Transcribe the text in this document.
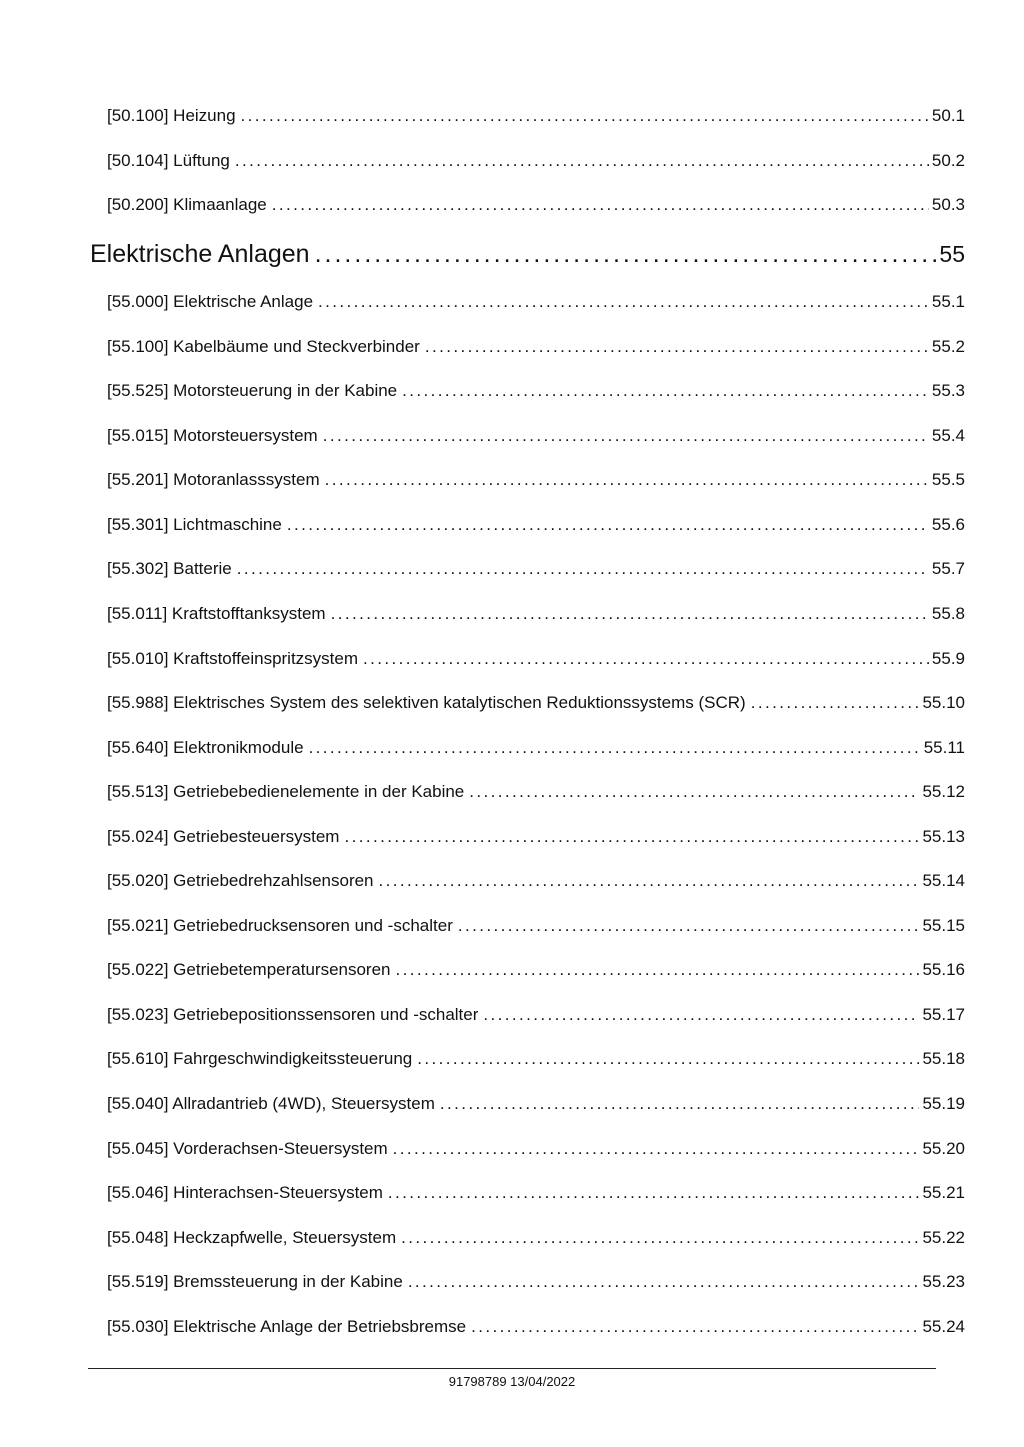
[50.100] Heizung .....	50.1
[50.104] Lüftung .....	50.2
[50.200] Klimaanlage .....	50.3
Elektrische Anlagen .....	55
[55.000] Elektrische Anlage .....	55.1
[55.100] Kabelbäume und Steckverbinder .....	55.2
[55.525] Motorsteuerung in der Kabine .....	55.3
[55.015] Motorsteuersystem .....	55.4
[55.201] Motoranlasssystem .....	55.5
[55.301] Lichtmaschine .....	55.6
[55.302] Batterie .....	55.7
[55.011] Kraftstofftanksystem .....	55.8
[55.010] Kraftstoffeinspritzsystem .....	55.9
[55.988] Elektrisches System des selektiven katalytischen Reduktionssystems (SCR) .....	55.10
[55.640] Elektronikmodule .....	55.11
[55.513] Getriebebedienelemente in der Kabine .....	55.12
[55.024] Getriebesteuersystem .....	55.13
[55.020] Getriebedrehzahlsensoren .....	55.14
[55.021] Getriebedrucksensoren und -schalter .....	55.15
[55.022] Getriebetemperatursensoren .....	55.16
[55.023] Getriebepositionssensoren und -schalter .....	55.17
[55.610] Fahrgeschwindigkeitssteuerung .....	55.18
[55.040] Allradantrieb (4WD), Steuersystem .....	55.19
[55.045] Vorderachsen-Steuersystem .....	55.20
[55.046] Hinterachsen-Steuersystem .....	55.21
[55.048] Heckzapfwelle, Steuersystem .....	55.22
[55.519] Bremssteuerung in der Kabine .....	55.23
[55.030] Elektrische Anlage der Betriebsbremse .....	55.24
91798789 13/04/2022
